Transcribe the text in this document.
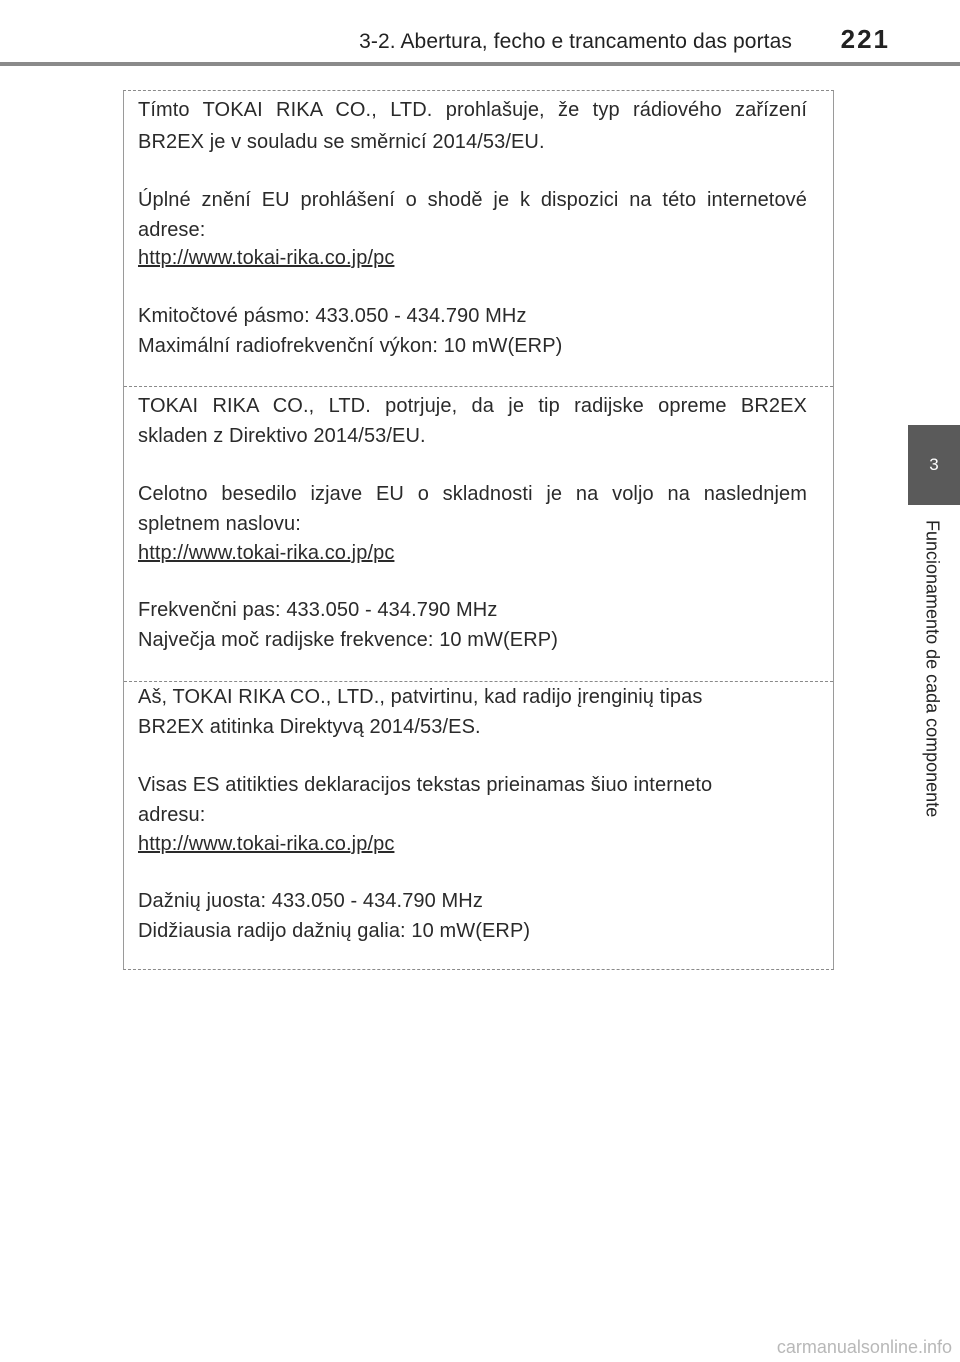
3-2. Abertura, fecho e trancamento das portas 221
3
Funcionamento de cada componente
Tímto TOKAI RIKA CO., LTD. prohlašuje, že typ rádiového zařízení
BR2EX je v souladu se směrnicí 2014/53/EU.
Úplné znění EU prohlášení o shodě je k dispozici na této internetové
adrese:
http://www.tokai-rika.co.jp/pc
Kmitočtové pásmo: 433.050 - 434.790 MHz
Maximální radiofrekvenční výkon: 10 mW(ERP)
TOKAI RIKA CO., LTD. potrjuje, da je tip radijske opreme BR2EX
skladen z Direktivo 2014/53/EU.
Celotno besedilo izjave EU o skladnosti je na voljo na naslednjem
spletnem naslovu:
http://www.tokai-rika.co.jp/pc
Frekvenčni pas: 433.050 - 434.790 MHz
Največja moč radijske frekvence: 10 mW(ERP)
Aš, TOKAI RIKA CO., LTD., patvirtinu, kad radijo įrenginių tipas
BR2EX atitinka Direktyvą 2014/53/ES.
Visas ES atitikties deklaracijos tekstas prieinamas šiuo interneto
adresu:
http://www.tokai-rika.co.jp/pc
Dažnių juosta: 433.050 - 434.790 MHz
Didžiausia radijo dažnių galia: 10 mW(ERP)
carmanualsonline.info
